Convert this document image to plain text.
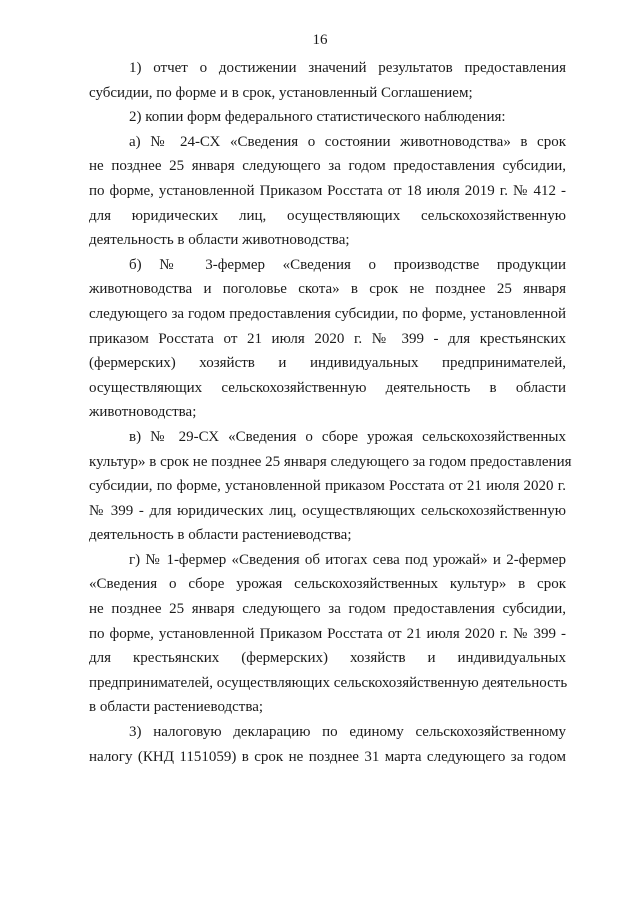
16

1) отчет о достижении значений результатов предоставления
субсидии, по форме и в срок, установленный Соглашением;

2) копии форм федерального статистического наблюдения:

а) № 24-СХ «Сведения о состоянии животноводства» в срок
не позднее 25 января следующего за годом предоставления субсидии,
по форме, установленной Приказом Росстата от 18 июля 2019 г. № 412 -
для юридических лиц, осуществляющих сельскохозяйственную
деятельность в области животноводства;

б) № 3-фермер «Сведения о производстве продукции
животноводства и поголовье скота» в срок не позднее 25 января
следующего за годом предоставления субсидии, по форме, установленной
приказом Росстата от 21 июля 2020 г. № 399 - для крестьянских
(фермерских) хозяйств и индивидуальных предпринимателей,
осуществляющих сельскохозяйственную деятельность в области
животноводства;

в) № 29-СХ «Сведения о сборе урожая сельскохозяйственных
культур» в срок не позднее 25 января следующего за годом предоставления
субсидии, по форме, установленной приказом Росстата от 21 июля 2020 г.
№ 399 - для юридических лиц, осуществляющих сельскохозяйственную
деятельность в области растениеводства;

г) № 1-фермер «Сведения об итогах сева под урожай» и 2-фермер
«Сведения о сборе урожая сельскохозяйственных культур» в срок
не позднее 25 января следующего за годом предоставления субсидии,
по форме, установленной Приказом Росстата от 21 июля 2020 г. № 399 -
для крестьянских (фермерских) хозяйств и индивидуальных
предпринимателей, осуществляющих сельскохозяйственную деятельность
в области растениеводства;

3) налоговую декларацию по единому сельскохозяйственному
налогу (КНД 1151059) в срок не позднее 31 марта следующего за годом
